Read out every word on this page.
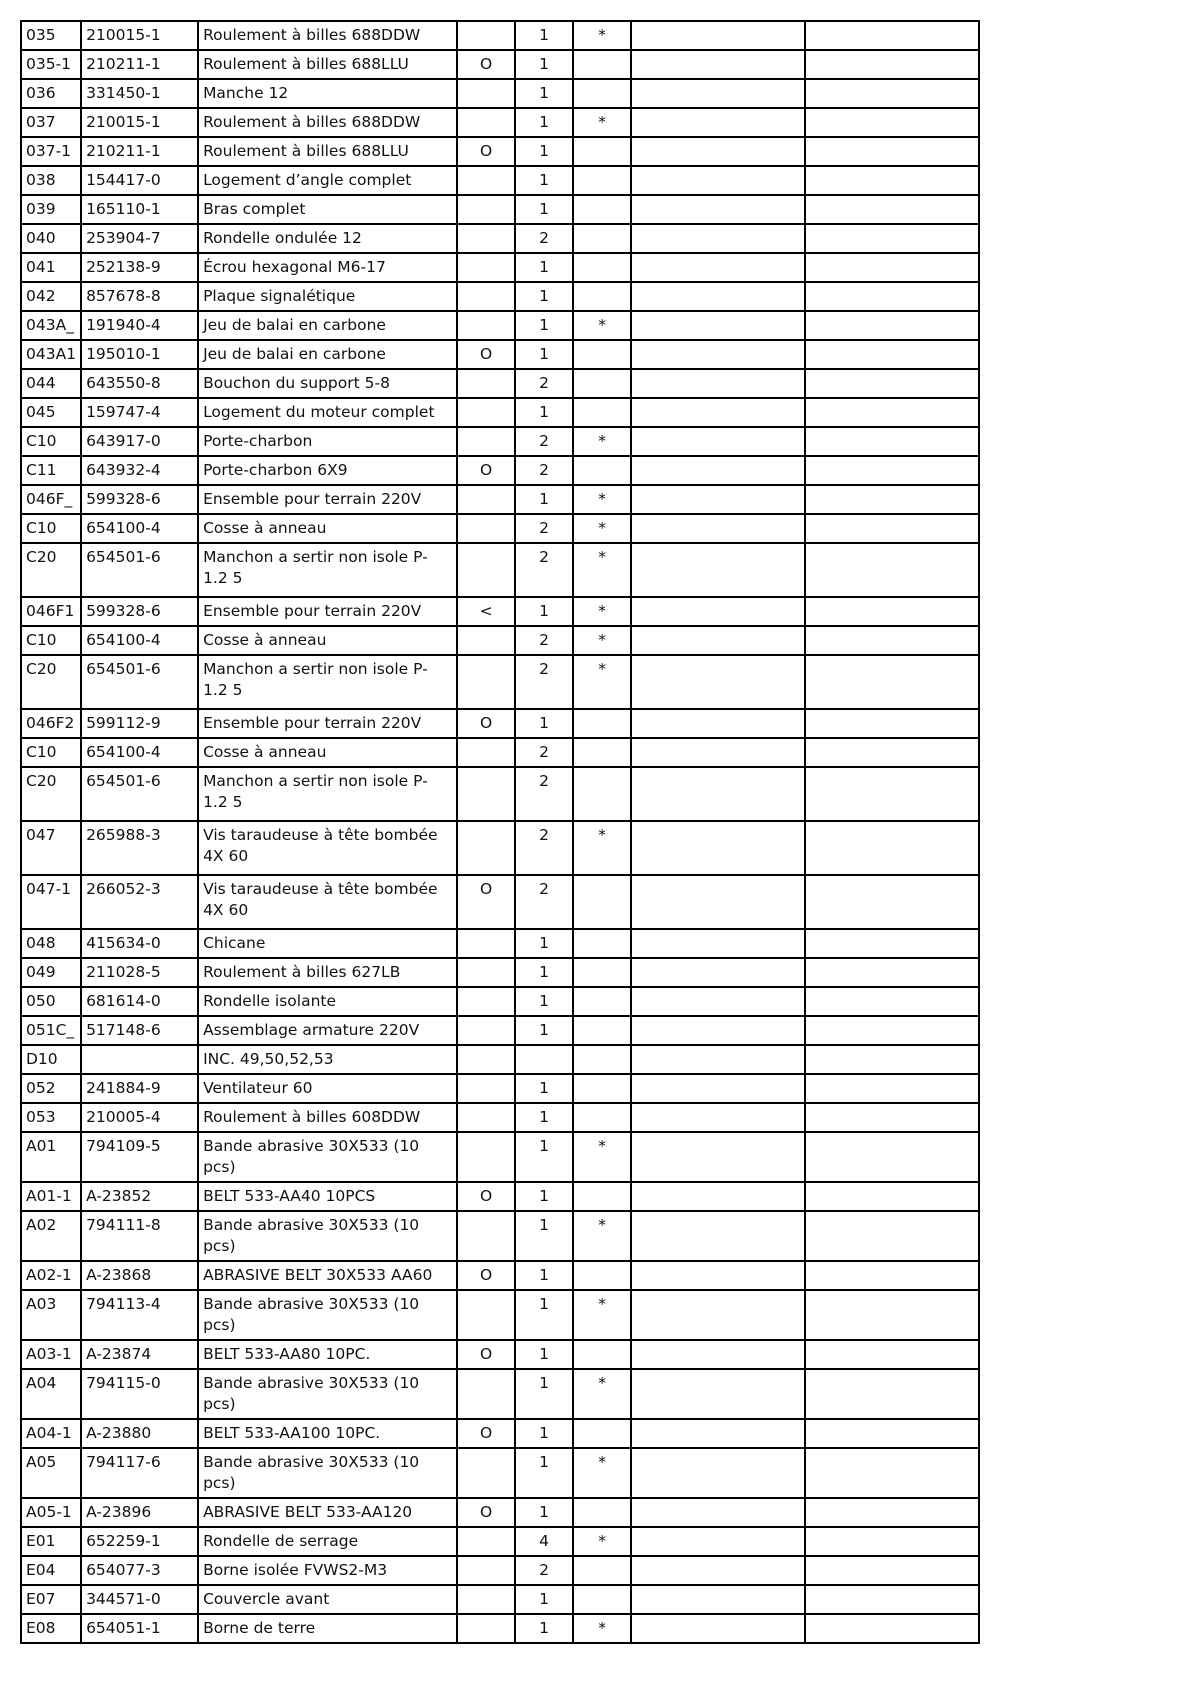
035	210015-1	Roulement à billes 688DDW		1	*		
035-1	210211-1	Roulement à billes 688LLU	O	1			
036	331450-1	Manche 12		1			
037	210015-1	Roulement à billes 688DDW		1	*		
037-1	210211-1	Roulement à billes 688LLU	O	1			
038	154417-0	Logement d’angle complet		1			
039	165110-1	Bras complet		1			
040	253904-7	Rondelle ondulée 12		2			
041	252138-9	Écrou hexagonal M6-17		1			
042	857678-8	Plaque signalétique		1			
043A_	191940-4	Jeu de balai en carbone		1	*		
043A1	195010-1	Jeu de balai en carbone	O	1			
044	643550-8	Bouchon du support 5-8		2			
045	159747-4	Logement du moteur complet		1			
C10	643917-0	Porte-charbon		2	*		
C11	643932-4	Porte-charbon 6X9	O	2			
046F_	599328-6	Ensemble pour terrain 220V		1	*		
C10	654100-4	Cosse à anneau		2	*		
C20	654501-6	Manchon a sertir non isole P-1.2 5		2	*		
046F1	599328-6	Ensemble pour terrain 220V	<	1	*		
C10	654100-4	Cosse à anneau		2	*		
C20	654501-6	Manchon a sertir non isole P-1.2 5		2	*		
046F2	599112-9	Ensemble pour terrain 220V	O	1			
C10	654100-4	Cosse à anneau		2			
C20	654501-6	Manchon a sertir non isole P-1.2 5		2			
047	265988-3	Vis taraudeuse à tête bombée 4X 60		2	*		
047-1	266052-3	Vis taraudeuse à tête bombée 4X 60	O	2			
048	415634-0	Chicane		1			
049	211028-5	Roulement à billes 627LB		1			
050	681614-0	Rondelle isolante		1			
051C_	517148-6	Assemblage armature 220V		1			
D10		INC. 49,50,52,53					
052	241884-9	Ventilateur 60		1			
053	210005-4	Roulement à billes 608DDW		1			
A01	794109-5	Bande abrasive 30X533 (10 pcs)		1	*		
A01-1	A-23852	BELT 533-AA40 10PCS	O	1			
A02	794111-8	Bande abrasive 30X533 (10 pcs)		1	*		
A02-1	A-23868	ABRASIVE BELT 30X533 AA60	O	1			
A03	794113-4	Bande abrasive 30X533 (10 pcs)		1	*		
A03-1	A-23874	BELT 533-AA80 10PC.	O	1			
A04	794115-0	Bande abrasive 30X533 (10 pcs)		1	*		
A04-1	A-23880	BELT 533-AA100 10PC.	O	1			
A05	794117-6	Bande abrasive 30X533 (10 pcs)		1	*		
A05-1	A-23896	ABRASIVE BELT 533-AA120	O	1			
E01	652259-1	Rondelle de serrage		4	*		
E04	654077-3	Borne isolée FVWS2-M3		2			
E07	344571-0	Couvercle avant		1			
E08	654051-1	Borne de terre		1	*		
